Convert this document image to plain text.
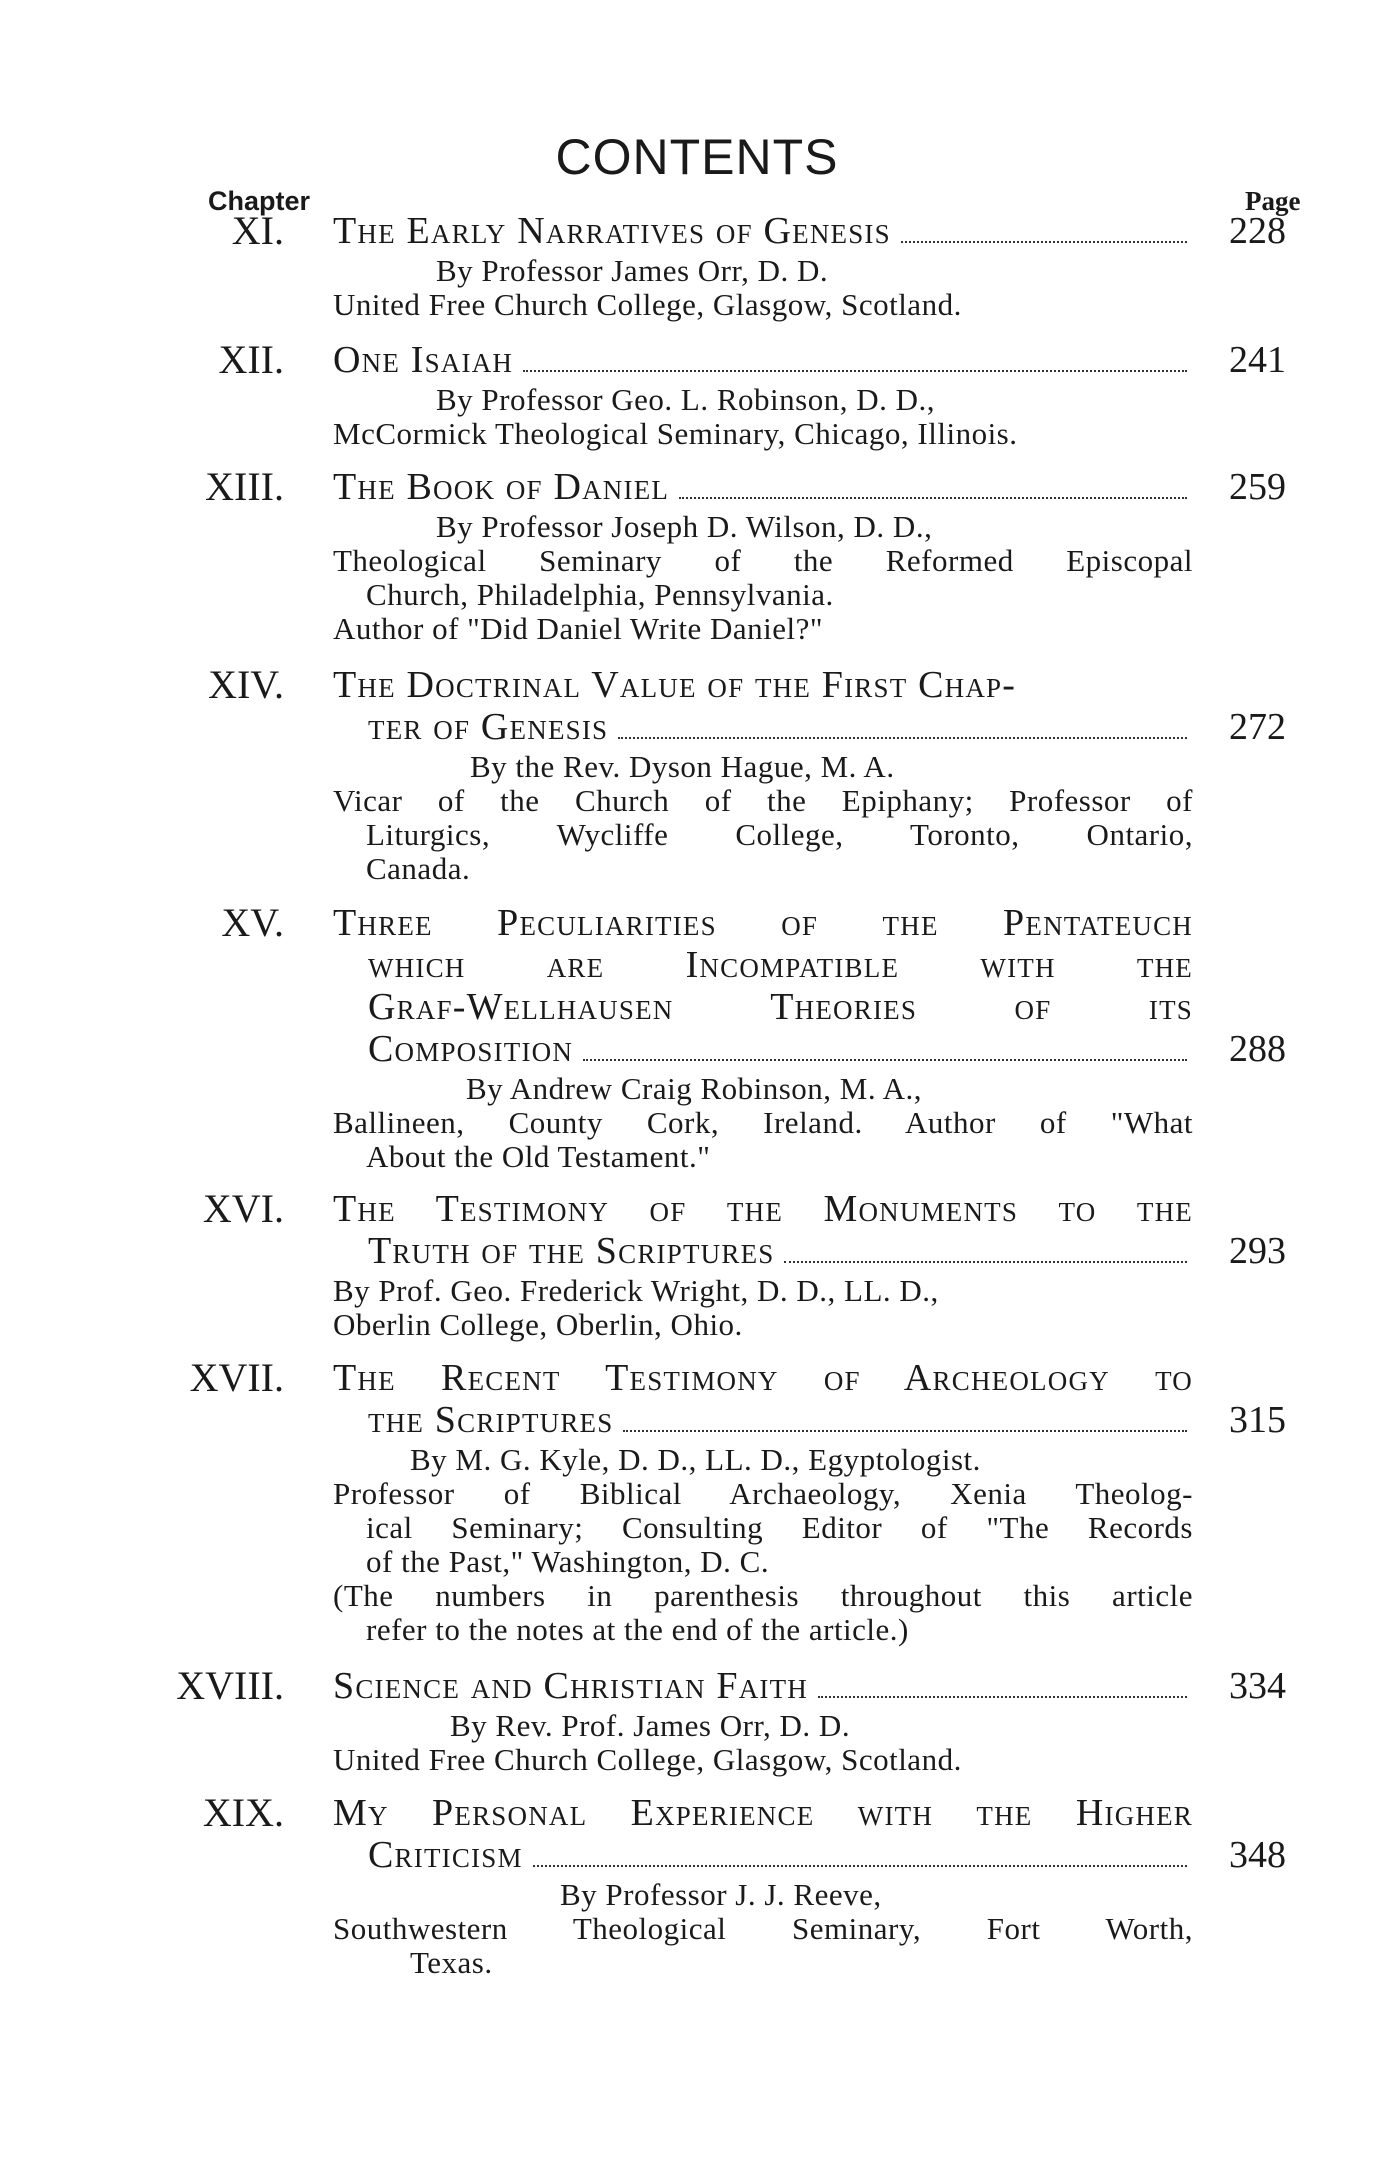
CONTENTS
Chapter	Page
XI. The Early Narratives of Genesis	228
By Professor James Orr, D. D.
United Free Church College, Glasgow, Scotland.
XII. One Isaiah	241
By Professor Geo. L. Robinson, D. D.,
McCormick Theological Seminary, Chicago, Illinois.
XIII. The Book of Daniel	259
By Professor Joseph D. Wilson, D. D.,
Theological Seminary of the Reformed Episcopal
Church, Philadelphia, Pennsylvania.
Author of "Did Daniel Write Daniel?"
XIV. The Doctrinal Value of the First Chap-
ter of Genesis	272
By the Rev. Dyson Hague, M. A.
Vicar of the Church of the Epiphany; Professor of
Liturgics, Wycliffe College, Toronto, Ontario,
Canada.
XV. Three Peculiarities of the Pentateuch
which are Incompatible with the
Graf-Wellhausen Theories of its
Composition	288
By Andrew Craig Robinson, M. A.,
Ballineen, County Cork, Ireland. Author of "What
About the Old Testament."
XVI. The Testimony of the Monuments to the
Truth of the Scriptures	293
By Prof. Geo. Frederick Wright, D. D., LL. D.,
Oberlin College, Oberlin, Ohio.
XVII. The Recent Testimony of Archeology to
the Scriptures	315
By M. G. Kyle, D. D., LL. D., Egyptologist.
Professor of Biblical Archaeology, Xenia Theolog-
ical Seminary; Consulting Editor of "The Records
of the Past," Washington, D. C.
(The numbers in parenthesis throughout this article
refer to the notes at the end of the article.)
XVIII. Science and Christian Faith	334
By Rev. Prof. James Orr, D. D.
United Free Church College, Glasgow, Scotland.
XIX. My Personal Experience with the Higher
Criticism	348
By Professor J. J. Reeve,
Southwestern Theological Seminary, Fort Worth,
Texas.
